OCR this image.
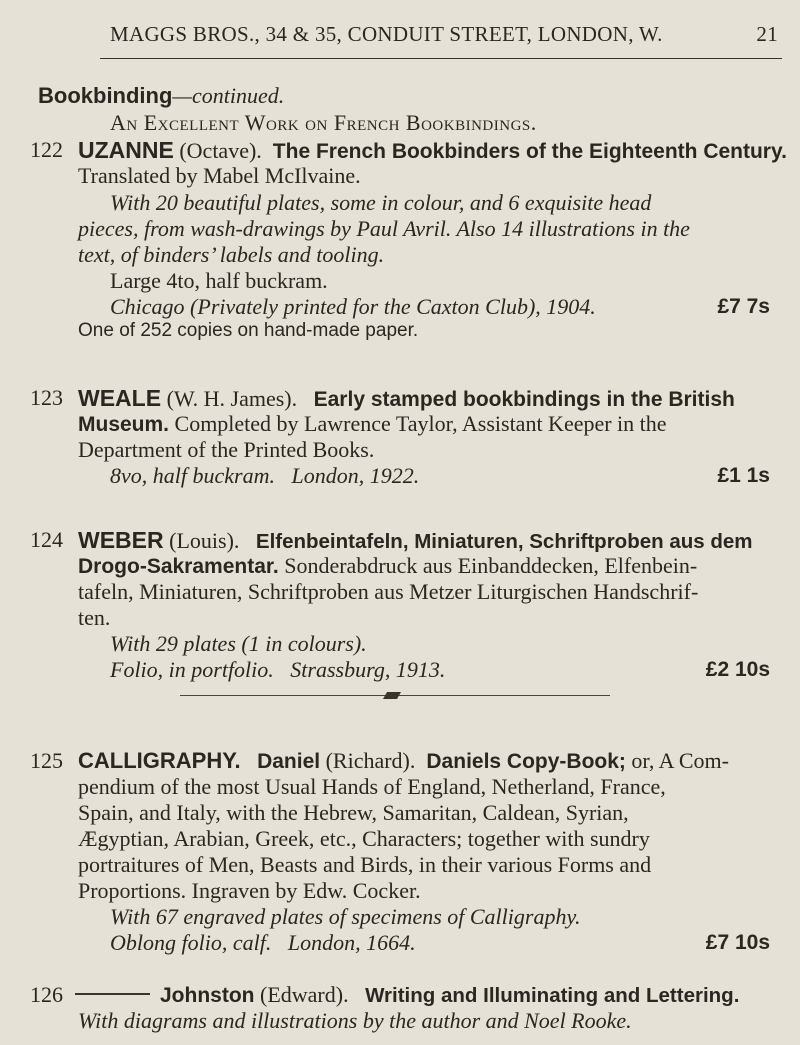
MAGGS BROS., 34 & 35, CONDUIT STREET, LONDON, W.	21
Bookbinding—continued.
An Excellent Work on French Bookbindings.
122 UZANNE (Octave). The French Bookbinders of the Eighteenth Century.
Translated by Mabel McIlvaine.
With 20 beautiful plates, some in colour, and 6 exquisite head
pieces, from wash-drawings by Paul Avril. Also 14 illustrations in the
text, of binders’ labels and tooling.
Large 4to, half buckram.
Chicago (Privately printed for the Caxton Club), 1904.	£7 7s
One of 252 copies on hand-made paper.
123 WEALE (W. H. James). Early stamped bookbindings in the British
Museum. Completed by Lawrence Taylor, Assistant Keeper in the
Department of the Printed Books.
8vo, half buckram. London, 1922.	£1 1s
124 WEBER (Louis). Elfenbeintafeln, Miniaturen, Schriftproben aus dem
Drogo-Sakramentar. Sonderabdruck aus Einbanddecken, Elfenbein-
tafeln, Miniaturen, Schriftproben aus Metzer Liturgischen Handschrif-
ten.
With 29 plates (1 in colours).
Folio, in portfolio. Strassburg, 1913.	£2 10s
125 CALLIGRAPHY. Daniel (Richard). Daniels Copy-Book; or, A Com-
pendium of the most Usual Hands of England, Netherland, France,
Spain, and Italy, with the Hebrew, Samaritan, Caldean, Syrian,
Ægyptian, Arabian, Greek, etc., Characters; together with sundry
portraitures of Men, Beasts and Birds, in their various Forms and
Proportions. Ingraven by Edw. Cocker.
With 67 engraved plates of specimens of Calligraphy.
Oblong folio, calf. London, 1664.	£7 10s
126	Johnston (Edward). Writing and Illuminating and Lettering.
With diagrams and illustrations by the author and Noel Rooke.
